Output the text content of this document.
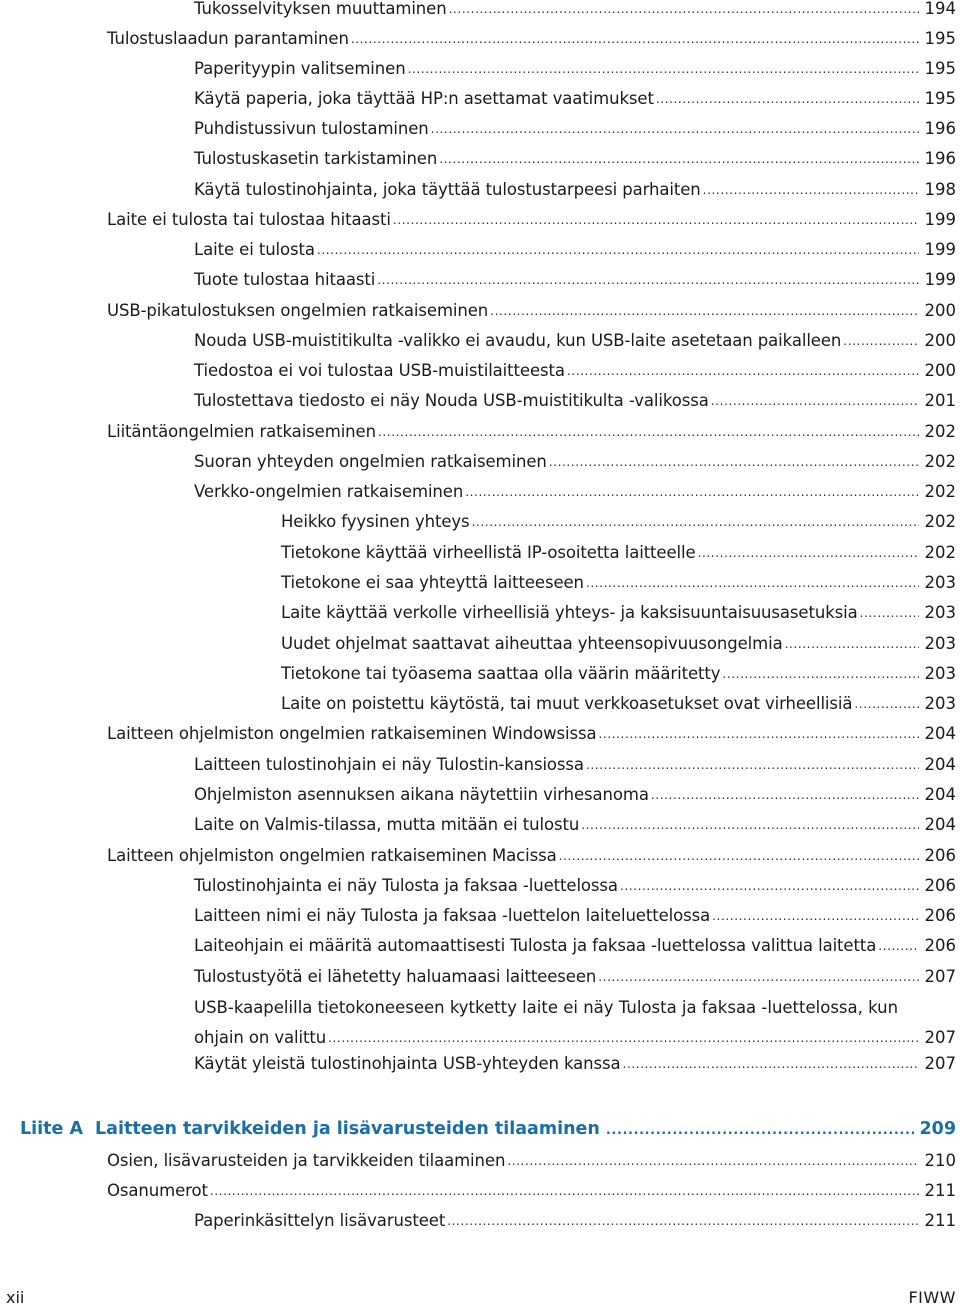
Tukosselvityksen muuttaminen .....	194
Tulostuslaadun parantaminen .....	195
Paperityypin valitseminen .....	195
Käytä paperia, joka täyttää HP:n asettamat vaatimukset .....	195
Puhdistussivun tulostaminen .....	196
Tulostuskasetin tarkistaminen .....	196
Käytä tulostinohjainta, joka täyttää tulostustarpeesi parhaiten .....	198
Laite ei tulosta tai tulostaa hitaasti .....	199
Laite ei tulosta .....	199
Tuote tulostaa hitaasti .....	199
USB-pikatulostuksen ongelmien ratkaiseminen .....	200
Nouda USB-muistitikulta -valikko ei avaudu, kun USB-laite asetetaan paikalleen .....	200
Tiedostoa ei voi tulostaa USB-muistilaitteesta .....	200
Tulostettava tiedosto ei näy Nouda USB-muistitikulta -valikossa .....	201
Liitäntäongelmien ratkaiseminen .....	202
Suoran yhteyden ongelmien ratkaiseminen .....	202
Verkko-ongelmien ratkaiseminen .....	202
Heikko fyysinen yhteys .....	202
Tietokone käyttää virheellistä IP-osoitetta laitteelle .....	202
Tietokone ei saa yhteyttä laitteeseen .....	203
Laite käyttää verkolle virheellisiä yhteys- ja kaksisuuntaisuusasetuksia .....	203
Uudet ohjelmat saattavat aiheuttaa yhteensopivuusongelmia .....	203
Tietokone tai työasema saattaa olla väärin määritetty .....	203
Laite on poistettu käytöstä, tai muut verkkoasetukset ovat virheellisiä .....	203
Laitteen ohjelmiston ongelmien ratkaiseminen Windowsissa .....	204
Laitteen tulostinohjain ei näy Tulostin-kansiossa .....	204
Ohjelmiston asennuksen aikana näytettiin virhesanoma .....	204
Laite on Valmis-tilassa, mutta mitään ei tulostu .....	204
Laitteen ohjelmiston ongelmien ratkaiseminen Macissa .....	206
Tulostinohjainta ei näy Tulosta ja faksaa -luettelossa .....	206
Laitteen nimi ei näy Tulosta ja faksaa -luettelon laiteluettelossa .....	206
Laiteohjain ei määritä automaattisesti Tulosta ja faksaa -luettelossa valittua laitetta .....	206
Tulostustyötä ei lähetetty haluamaasi laitteeseen .....	207
USB-kaapelilla tietokoneeseen kytketty laite ei näy Tulosta ja faksaa -luettelossa, kun
ohjain on valittu .....	207
Käytät yleistä tulostinohjainta USB-yhteyden kanssa .....	207
Liite A Laitteen tarvikkeiden ja lisävarusteiden tilaaminen .....	209
Osien, lisävarusteiden ja tarvikkeiden tilaaminen .....	210
Osanumerot .....	211
Paperinkäsittelyn lisävarusteet .....	211
xii	FIWW
